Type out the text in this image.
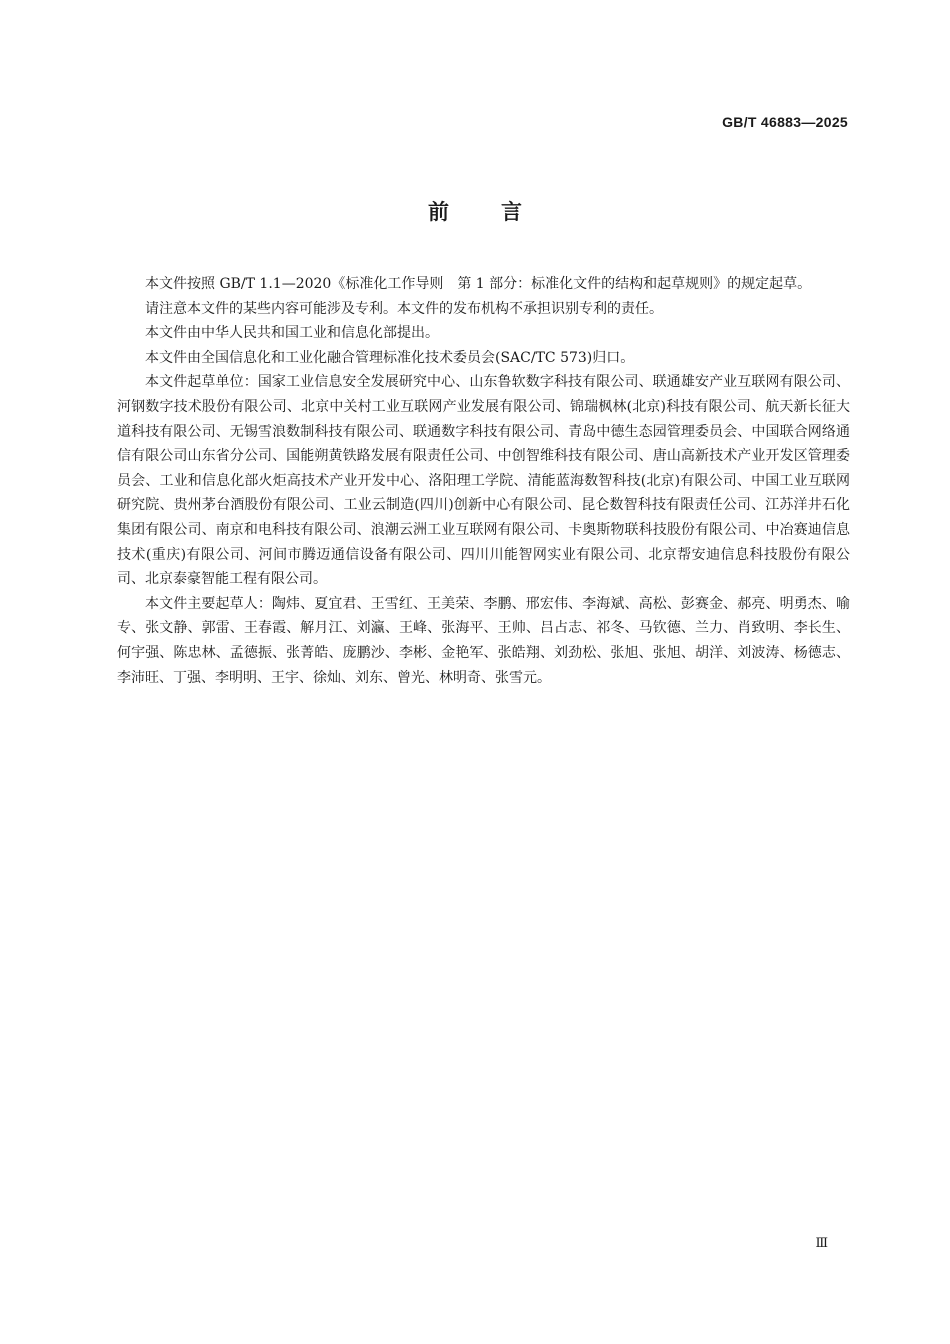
GB/T 46883—2025
前言

本文件按照 GB/T 1.1—2020《标准化工作导则　第 1 部分：标准化文件的结构和起草规则》的规定起草。

请注意本文件的某些内容可能涉及专利。本文件的发布机构不承担识别专利的责任。

本文件由中华人民共和国工业和信息化部提出。

本文件由全国信息化和工业化融合管理标准化技术委员会(SAC/TC 573)归口。

本文件起草单位：国家工业信息安全发展研究中心、山东鲁软数字科技有限公司、联通雄安产业互联网有限公司、河钢数字技术股份有限公司、北京中关村工业互联网产业发展有限公司、锦瑞枫林(北京)科技有限公司、航天新长征大道科技有限公司、无锡雪浪数制科技有限公司、联通数字科技有限公司、青岛中德生态园管理委员会、中国联合网络通信有限公司山东省分公司、国能朔黄铁路发展有限责任公司、中创智维科技有限公司、唐山高新技术产业开发区管理委员会、工业和信息化部火炬高技术产业开发中心、洛阳理工学院、清能蓝海数智科技(北京)有限公司、中国工业互联网研究院、贵州茅台酒股份有限公司、工业云制造(四川)创新中心有限公司、昆仑数智科技有限责任公司、江苏洋井石化集团有限公司、南京和电科技有限公司、浪潮云洲工业互联网有限公司、卡奥斯物联科技股份有限公司、中冶赛迪信息技术(重庆)有限公司、河间市腾迈通信设备有限公司、四川川能智网实业有限公司、北京帮安迪信息科技股份有限公司、北京泰豪智能工程有限公司。

本文件主要起草人：陶炜、夏宜君、王雪红、王美荣、李鹏、邢宏伟、李海斌、高松、彭赛金、郝亮、明勇杰、喻专、张文静、郭雷、王春霞、解月江、刘瀛、王峰、张海平、王帅、吕占志、祁冬、马钦德、兰力、肖致明、李长生、何宇强、陈忠林、孟德振、张菁皓、庞鹏沙、李彬、金艳军、张皓翔、刘劲松、张旭、张旭、胡洋、刘波涛、杨德志、李沛旺、丁强、李明明、王宇、徐灿、刘东、曾光、林明奇、张雪元。

Ⅲ
